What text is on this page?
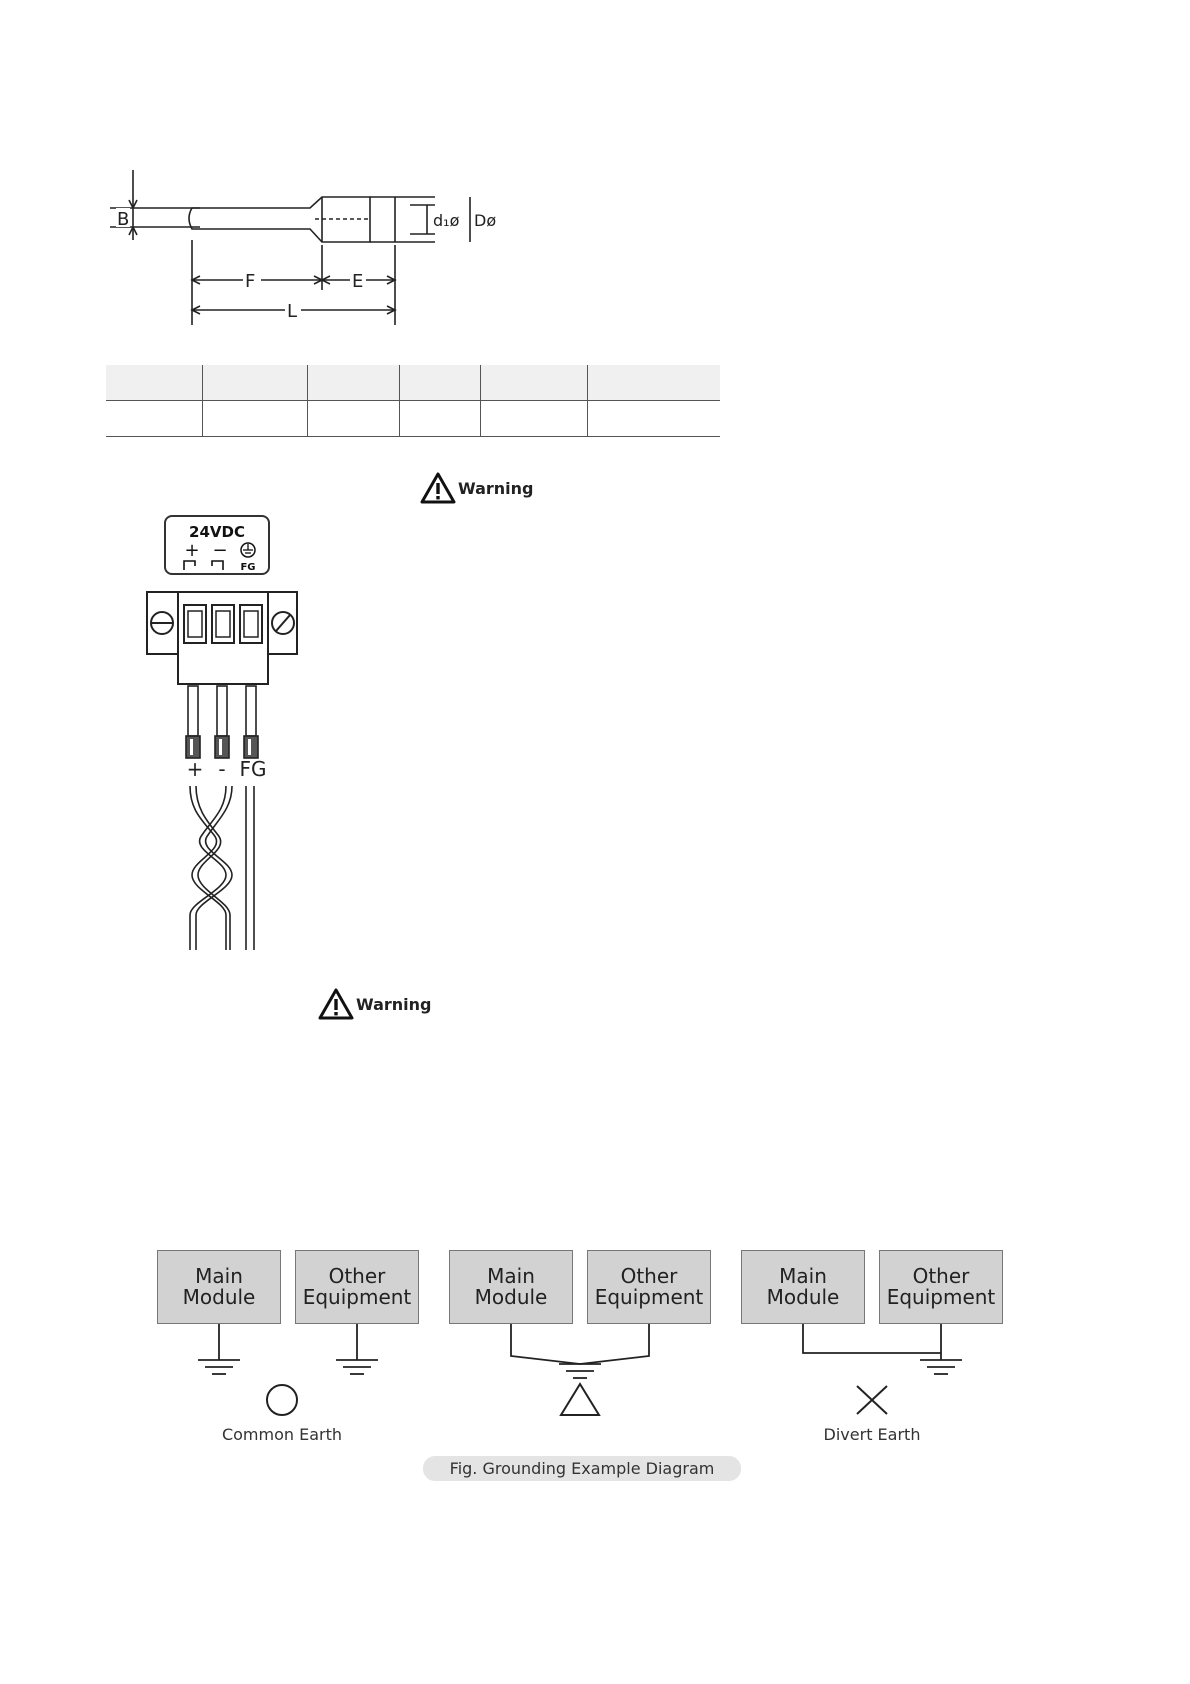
B
F	E
L
d₁ø Dø

Warning
24VDC
+ −
FG
+ - FG
Warning
Main
Module
Other
Equipment
Main
Module
Other
Equipment
Main
Module
Other
Equipment
Common Earth	Divert Earth
Fig. Grounding Example Diagram
